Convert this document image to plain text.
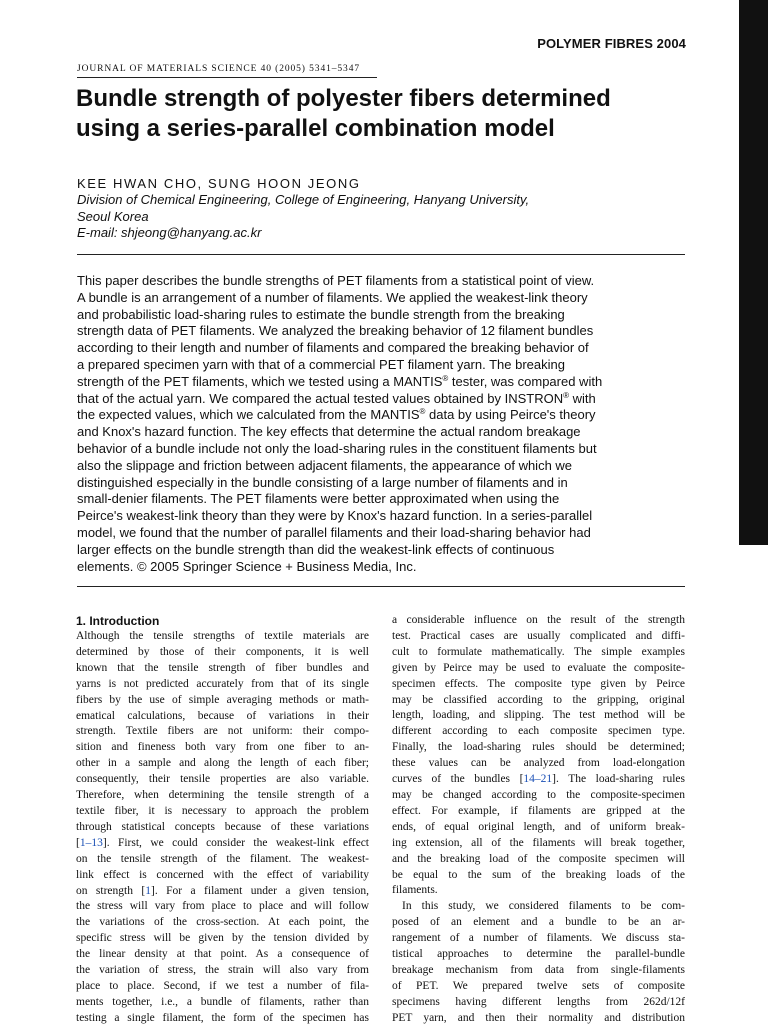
POLYMER FIBRES 2004
JOURNAL OF MATERIALS SCIENCE 40 (2005) 5341–5347
Bundle strength of polyester fibers determined
using a series-parallel combination model
KEE HWAN CHO, SUNG HOON JEONG
Division of Chemical Engineering, College of Engineering, Hanyang University,
Seoul Korea
E-mail: shjeong@hanyang.ac.kr
This paper describes the bundle strengths of PET filaments from a statistical point of view.
A bundle is an arrangement of a number of filaments. We applied the weakest-link theory
and probabilistic load-sharing rules to estimate the bundle strength from the breaking
strength data of PET filaments. We analyzed the breaking behavior of 12 filament bundles
according to their length and number of filaments and compared the breaking behavior of
a prepared specimen yarn with that of a commercial PET filament yarn. The breaking
strength of the PET filaments, which we tested using a MANTIS® tester, was compared with
that of the actual yarn. We compared the actual tested values obtained by INSTRON® with
the expected values, which we calculated from the MANTIS® data by using Peirce's theory
and Knox's hazard function. The key effects that determine the actual random breakage
behavior of a bundle include not only the load-sharing rules in the constituent filaments but
also the slippage and friction between adjacent filaments, the appearance of which we
distinguished especially in the bundle consisting of a large number of filaments and in
small-denier filaments. The PET filaments were better approximated when using the
Peirce's weakest-link theory than they were by Knox's hazard function. In a series-parallel
model, we found that the number of parallel filaments and their load-sharing behavior had
larger effects on the bundle strength than did the weakest-link effects of continuous
elements. © 2005 Springer Science + Business Media, Inc.
1. Introduction
Although the tensile strengths of textile materials are
determined by those of their components, it is well
known that the tensile strength of fiber bundles and
yarns is not predicted accurately from that of its single
fibers by the use of simple averaging methods or math-
ematical calculations, because of variations in their
strength. Textile fibers are not uniform: their compo-
sition and fineness both vary from one fiber to an-
other in a sample and along the length of each fiber;
consequently, their tensile properties are also variable.
Therefore, when determining the tensile strength of a
textile fiber, it is necessary to approach the problem
through statistical concepts because of these variations
[1–13]. First, we could consider the weakest-link effect
on the tensile strength of the filament. The weakest-
link effect is concerned with the effect of variability
on strength [1]. For a filament under a given tension,
the stress will vary from place to place and will follow
the variations of the cross-section. At each point, the
specific stress will be given by the tension divided by
the linear density at that point. As a consequence of
the variation of stress, the strain will also vary from
place to place. Second, if we test a number of fila-
ments together, i.e., a bundle of filaments, rather than
testing a single filament, the form of the specimen has
a considerable influence on the result of the strength
test. Practical cases are usually complicated and diffi-
cult to formulate mathematically. The simple examples
given by Peirce may be used to evaluate the composite-
specimen effects. The composite type given by Peirce
may be classified according to the gripping, original
length, loading, and slipping. The test method will be
different according to each composite specimen type.
Finally, the load-sharing rules should be determined;
these values can be analyzed from load-elongation
curves of the bundles [14–21]. The load-sharing rules
may be changed according to the composite-specimen
effect. For example, if filaments are gripped at the
ends, of equal original length, and of uniform break-
ing extension, all of the filaments will break together,
and the breaking load of the composite specimen will
be equal to the sum of the breaking loads of the
filaments.
In this study, we considered filaments to be com-
posed of an element and a bundle to be an ar-
rangement of a number of filaments. We discuss sta-
tistical approaches to determine the parallel-bundle
breakage mechanism from data from single-filaments
of PET. We prepared twelve sets of composite
specimens having different lengths from 262d/12f
PET yarn, and then their normality and distribution
